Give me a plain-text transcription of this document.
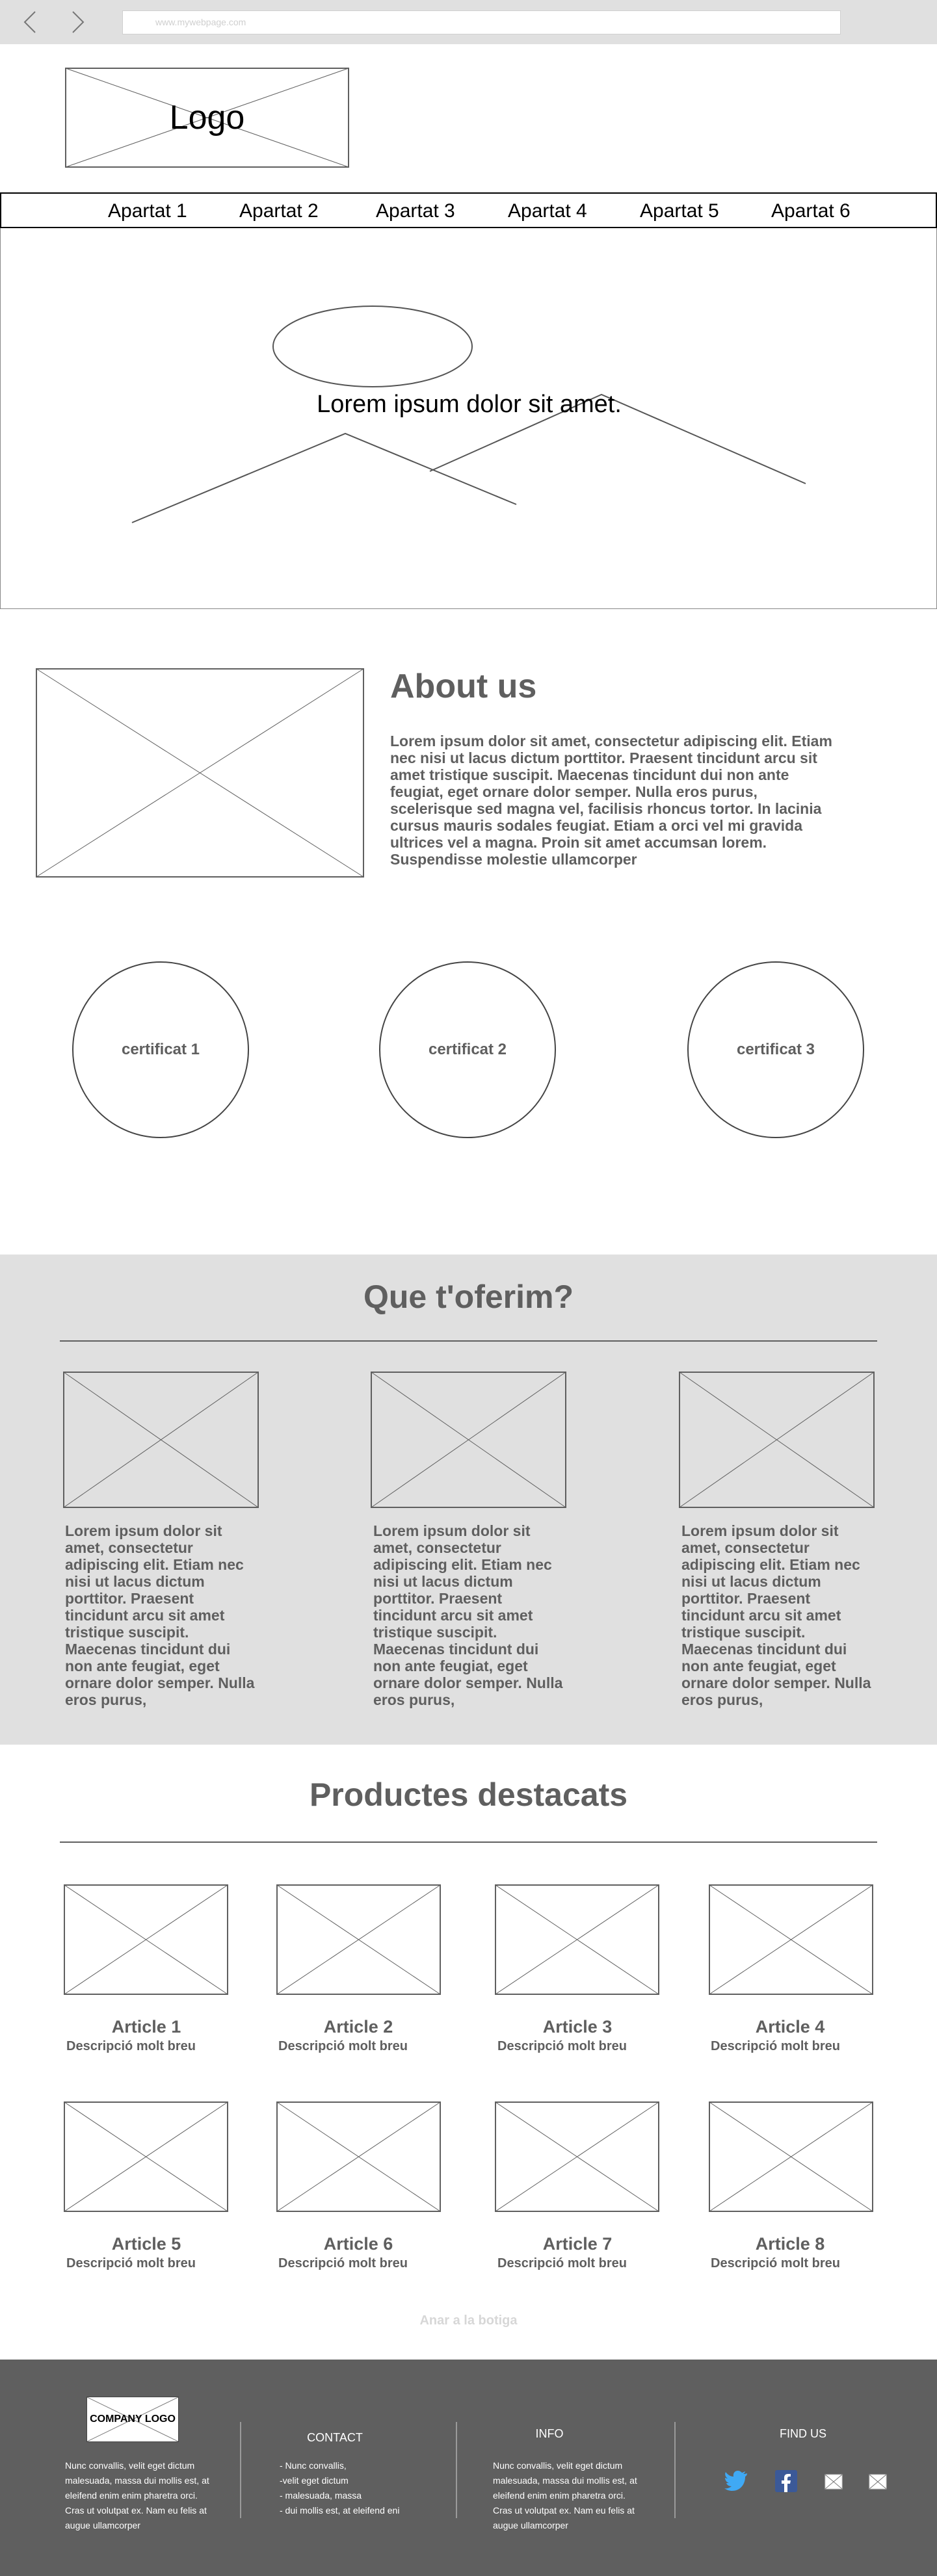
www.mywebpage.com
Logo
Apartat 1	Apartat 2	Apartat 3	Apartat 4	Apartat 5	Apartat 6
Lorem ipsum dolor sit amet.
About us
Lorem ipsum dolor sit amet, consectetur adipiscing elit. Etiam nec nisi ut lacus dictum porttitor. Praesent tincidunt arcu sit amet tristique suscipit. Maecenas tincidunt dui non ante feugiat, eget ornare dolor semper. Nulla eros purus, scelerisque sed magna vel, facilisis rhoncus tortor. In lacinia cursus mauris sodales feugiat. Etiam a orci vel mi gravida ultrices vel a magna. Proin sit amet accumsan lorem. Suspendisse molestie ullamcorper
certificat 1	certificat 2	certificat 3
Que t'oferim?
Lorem ipsum dolor sit amet, consectetur adipiscing elit. Etiam nec nisi ut lacus dictum porttitor. Praesent tincidunt arcu sit amet tristique suscipit. Maecenas tincidunt dui non ante feugiat, eget ornare dolor semper. Nulla eros purus,
Lorem ipsum dolor sit amet, consectetur adipiscing elit. Etiam nec nisi ut lacus dictum porttitor. Praesent tincidunt arcu sit amet tristique suscipit. Maecenas tincidunt dui non ante feugiat, eget ornare dolor semper. Nulla eros purus,
Lorem ipsum dolor sit amet, consectetur adipiscing elit. Etiam nec nisi ut lacus dictum porttitor. Praesent tincidunt arcu sit amet tristique suscipit. Maecenas tincidunt dui non ante feugiat, eget ornare dolor semper. Nulla eros purus,
Productes destacats
Article 1	Article 2	Article 3	Article 4
Descripció molt breu	Descripció molt breu	Descripció molt breu	Descripció molt breu
Article 5	Article 6	Article 7	Article 8
Descripció molt breu	Descripció molt breu	Descripció molt breu	Descripció molt breu
Anar a la botiga
COMPANY LOGO
Nunc convallis, velit eget dictum
malesuada, massa dui mollis est, at
eleifend enim enim pharetra orci.
Cras ut volutpat ex. Nam eu felis at
augue ullamcorper
CONTACT
- Nunc convallis,
-velit eget dictum
- malesuada, massa
- dui mollis est, at eleifend eni
INFO
Nunc convallis, velit eget dictum
malesuada, massa dui mollis est, at
eleifend enim enim pharetra orci.
Cras ut volutpat ex. Nam eu felis at
augue ullamcorper
FIND US
